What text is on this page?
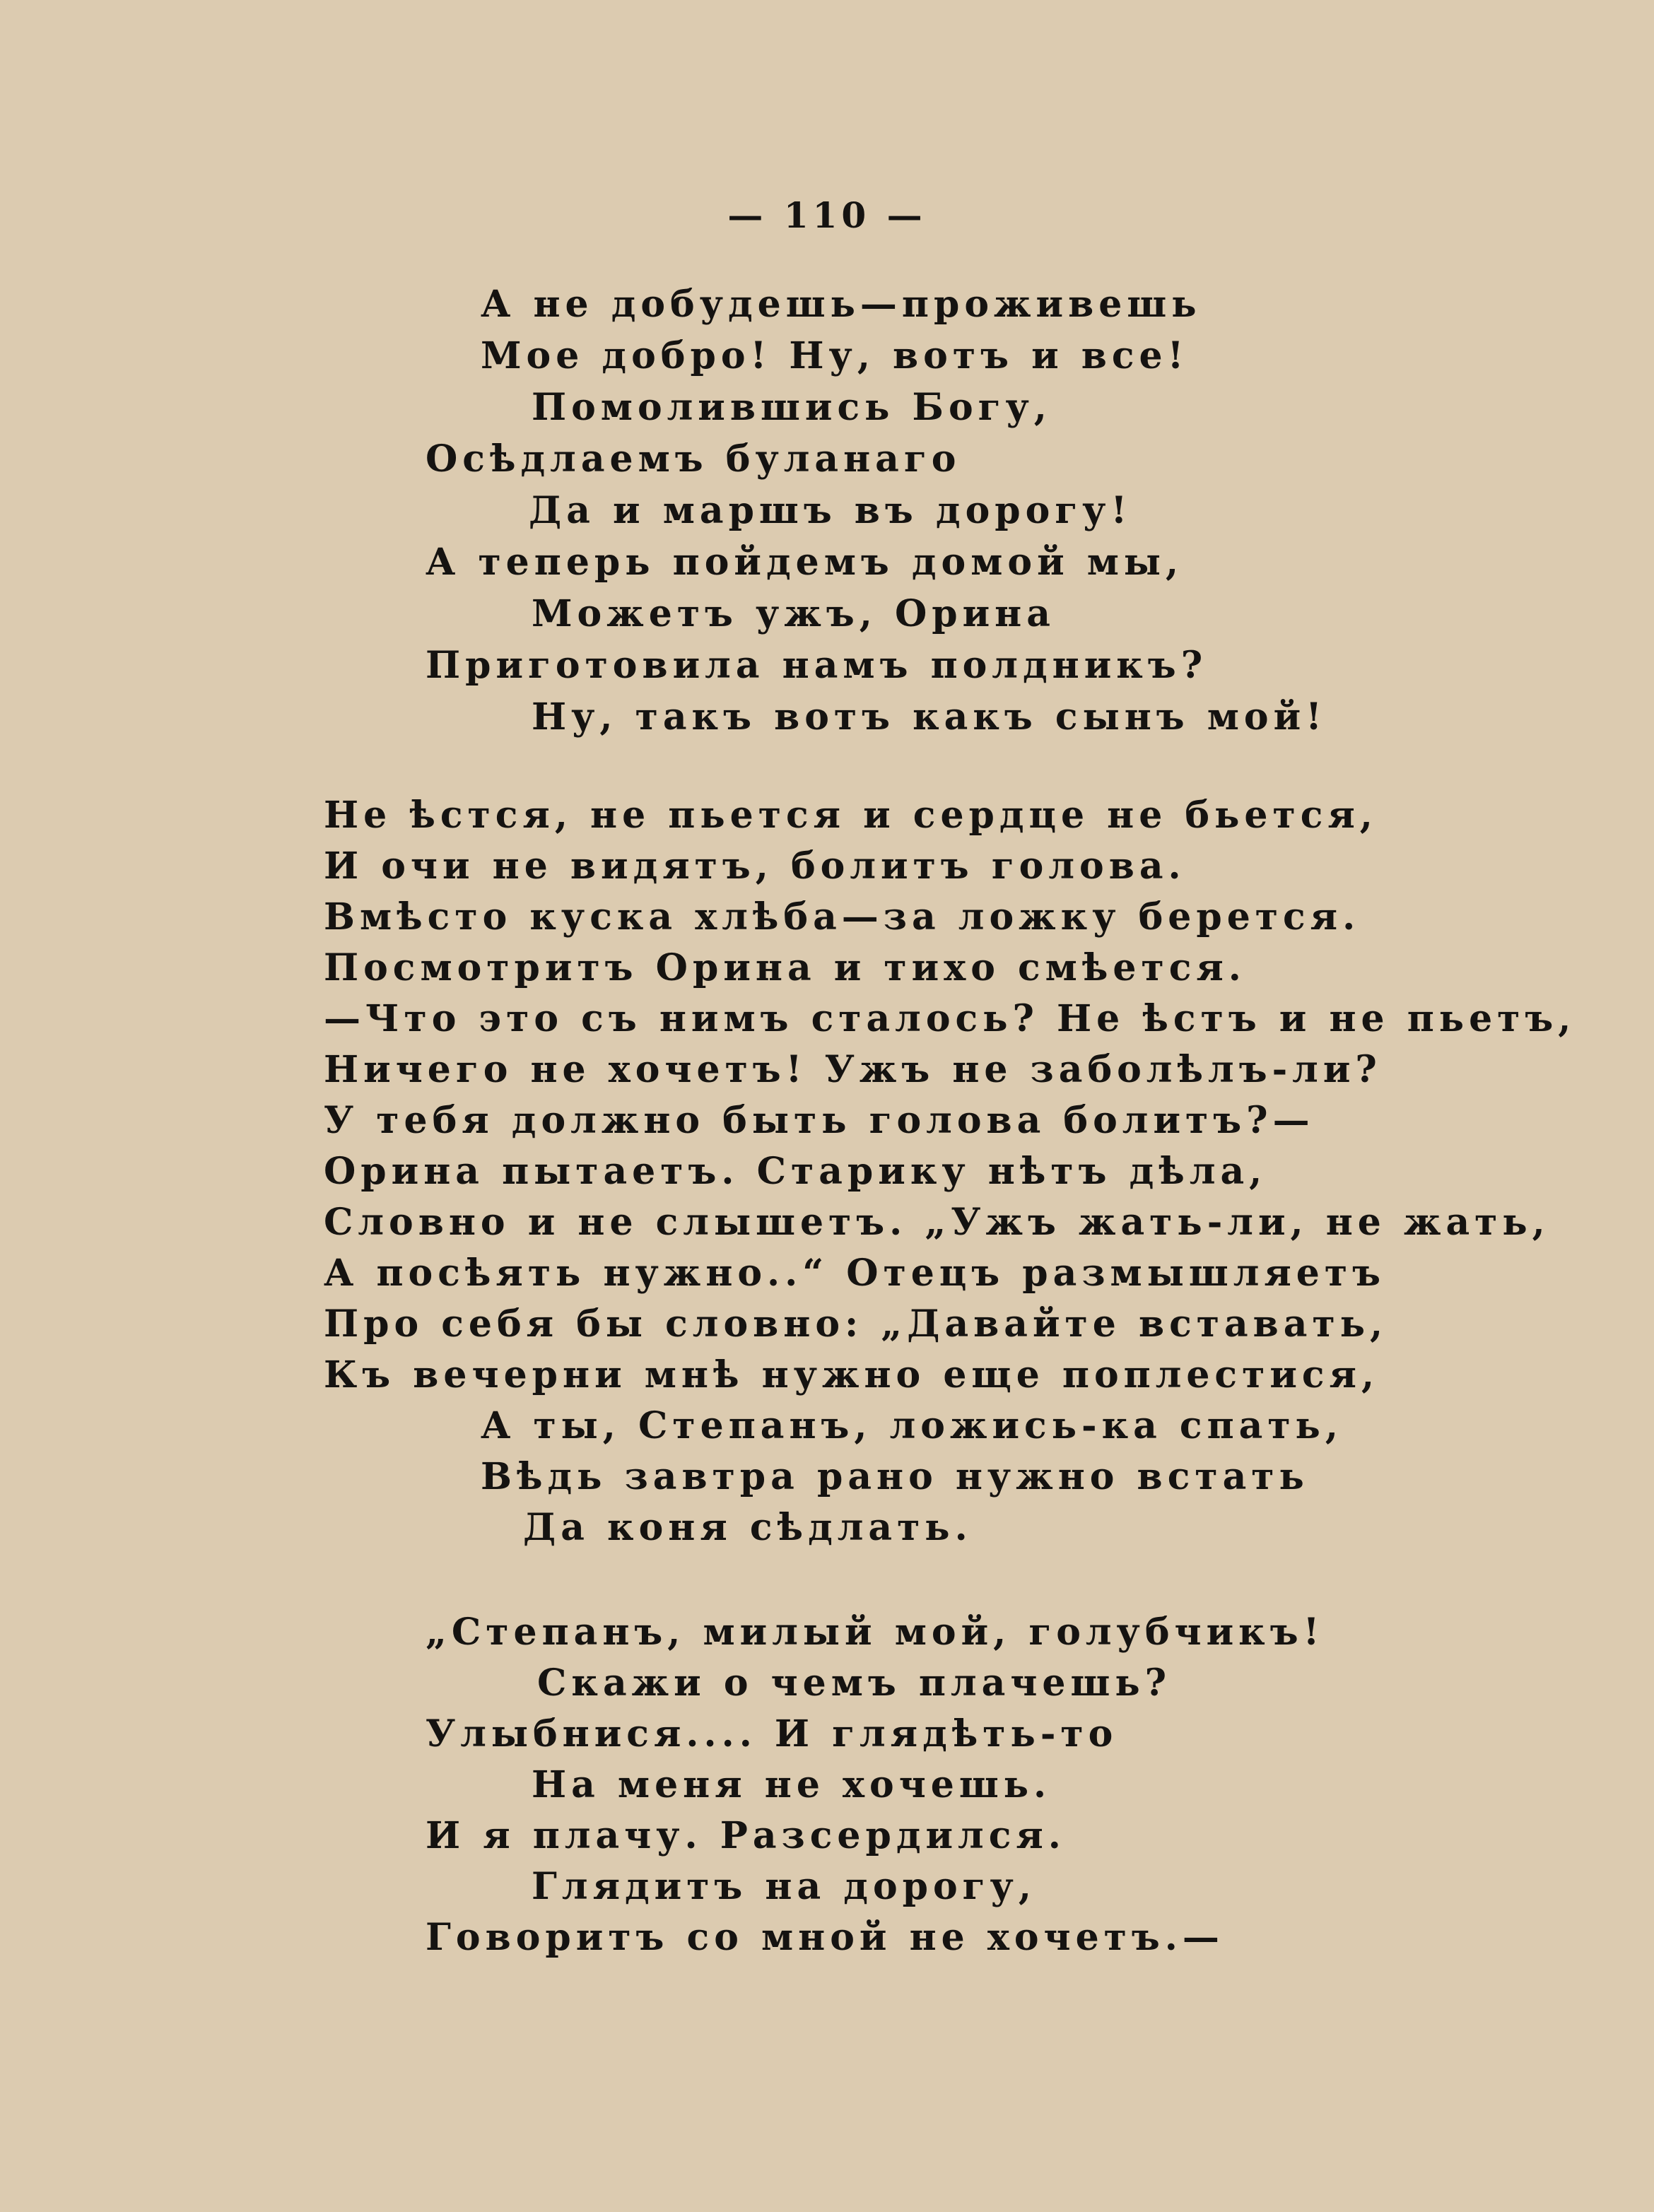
— 110 —
А не добудешь—проживешь
Мое добро! Ну, вотъ и все!
Помолившись Богу,
Осѣдлаемъ буланаго
Да и маршъ въ дорогу!
А теперь пойдемъ домой мы,
Можетъ ужъ, Орина
Приготовила намъ полдникъ?
Ну, такъ вотъ какъ сынъ мой!
Не ѣстся, не пьется и сердце не бьется,
И очи не видятъ, болитъ голова.
Вмѣсто куска хлѣба—за ложку берется.
Посмотритъ Орина и тихо смѣется.
—Что это съ нимъ сталось? Не ѣстъ и не пьетъ,
Ничего не хочетъ! Ужъ не заболѣлъ-ли?
У тебя должно быть голова болитъ?—
Орина пытаетъ. Старику нѣтъ дѣла,
Словно и не слышетъ. „Ужъ жать-ли, не жать,
А посѣять нужно..“ Отецъ размышляетъ
Про себя бы словно: „Давайте вставать,
Къ вечерни мнѣ нужно еще поплестися,
А ты, Степанъ, ложись-ка спать,
Вѣдь завтра рано нужно встать
Да коня сѣдлать.
„Степанъ, милый мой, голубчикъ!
Скажи о чемъ плачешь?
Улыбнися.... И глядѣть-то
На меня не хочешь.
И я плачу. Разсердился.
Глядитъ на дорогу,
Говоритъ со мной не хочетъ.—
